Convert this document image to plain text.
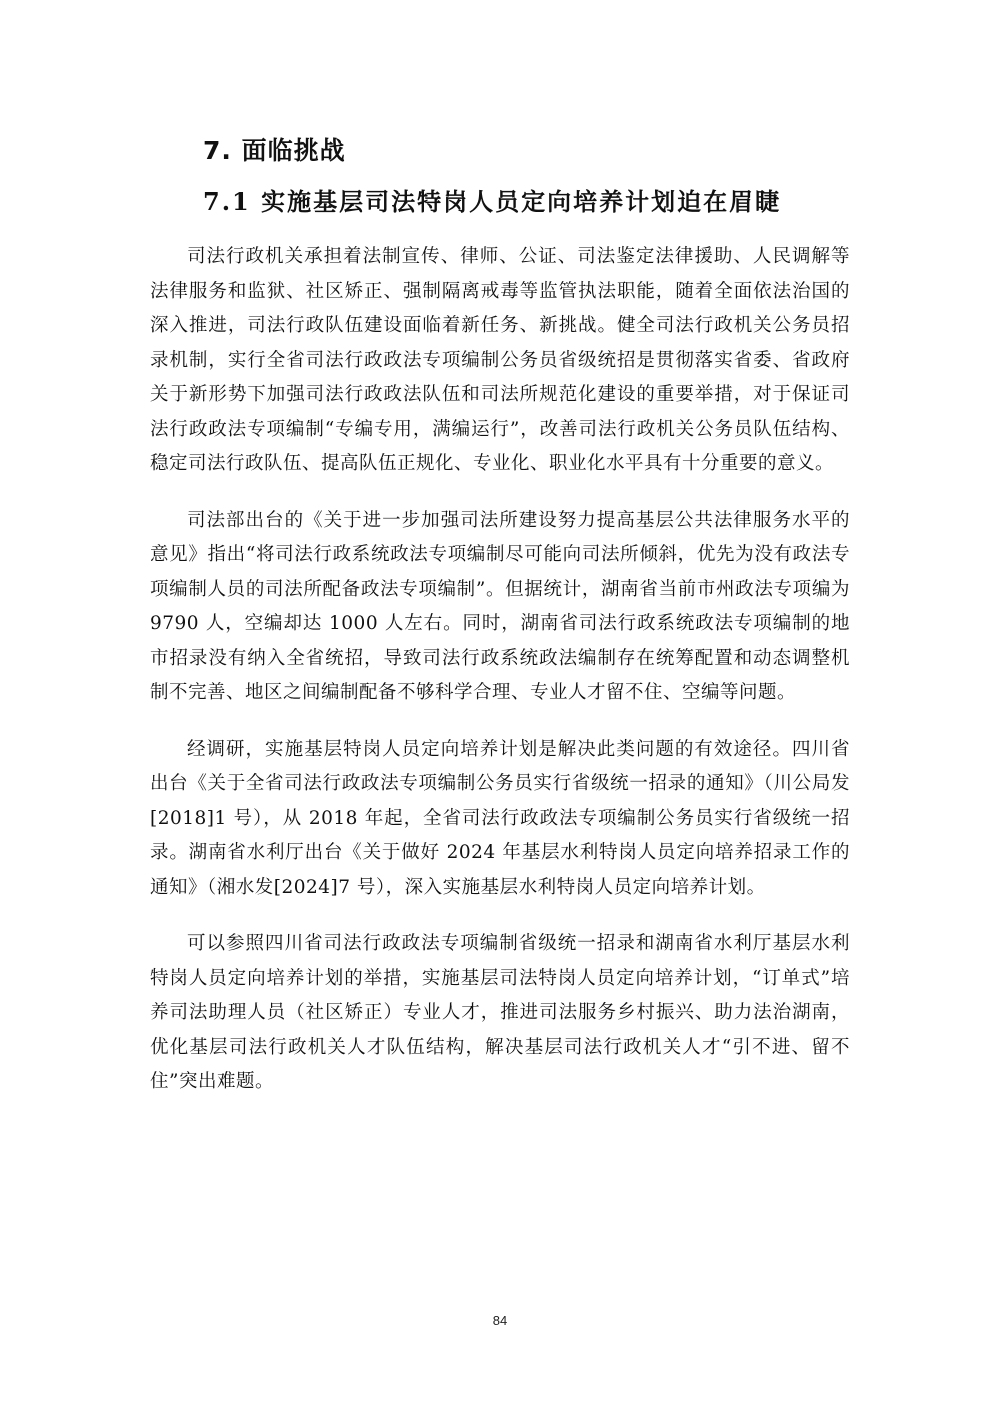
7. 面临挑战
7.1 实施基层司法特岗人员定向培养计划迫在眉睫

司法行政机关承担着法制宣传、律师、公证、司法鉴定法律援助、人民调解等法律服务和监狱、社区矫正、强制隔离戒毒等监管执法职能，随着全面依法治国的深入推进，司法行政队伍建设面临着新任务、新挑战。健全司法行政机关公务员招录机制，实行全省司法行政政法专项编制公务员省级统招是贯彻落实省委、省政府关于新形势下加强司法行政政法队伍和司法所规范化建设的重要举措，对于保证司法行政政法专项编制“专编专用，满编运行”，改善司法行政机关公务员队伍结构、稳定司法行政队伍、提高队伍正规化、专业化、职业化水平具有十分重要的意义。

司法部出台的《关于进一步加强司法所建设努力提高基层公共法律服务水平的意见》指出“将司法行政系统政法专项编制尽可能向司法所倾斜，优先为没有政法专项编制人员的司法所配备政法专项编制”。但据统计，湖南省当前市州政法专项编为 9790 人，空编却达 1000 人左右。同时，湖南省司法行政系统政法专项编制的地市招录没有纳入全省统招，导致司法行政系统政法编制存在统筹配置和动态调整机制不完善、地区之间编制配备不够科学合理、专业人才留不住、空编等问题。

经调研，实施基层特岗人员定向培养计划是解决此类问题的有效途径。四川省出台《关于全省司法行政政法专项编制公务员实行省级统一招录的通知》（川公局发[2018]1 号），从 2018 年起，全省司法行政政法专项编制公务员实行省级统一招录。湖南省水利厅出台《关于做好 2024 年基层水利特岗人员定向培养招录工作的通知》（湘水发[2024]7 号），深入实施基层水利特岗人员定向培养计划。

可以参照四川省司法行政政法专项编制省级统一招录和湖南省水利厅基层水利特岗人员定向培养计划的举措，实施基层司法特岗人员定向培养计划，“订单式”培养司法助理人员（社区矫正）专业人才，推进司法服务乡村振兴、助力法治湖南，优化基层司法行政机关人才队伍结构，解决基层司法行政机关人才“引不进、留不住”突出难题。

84
